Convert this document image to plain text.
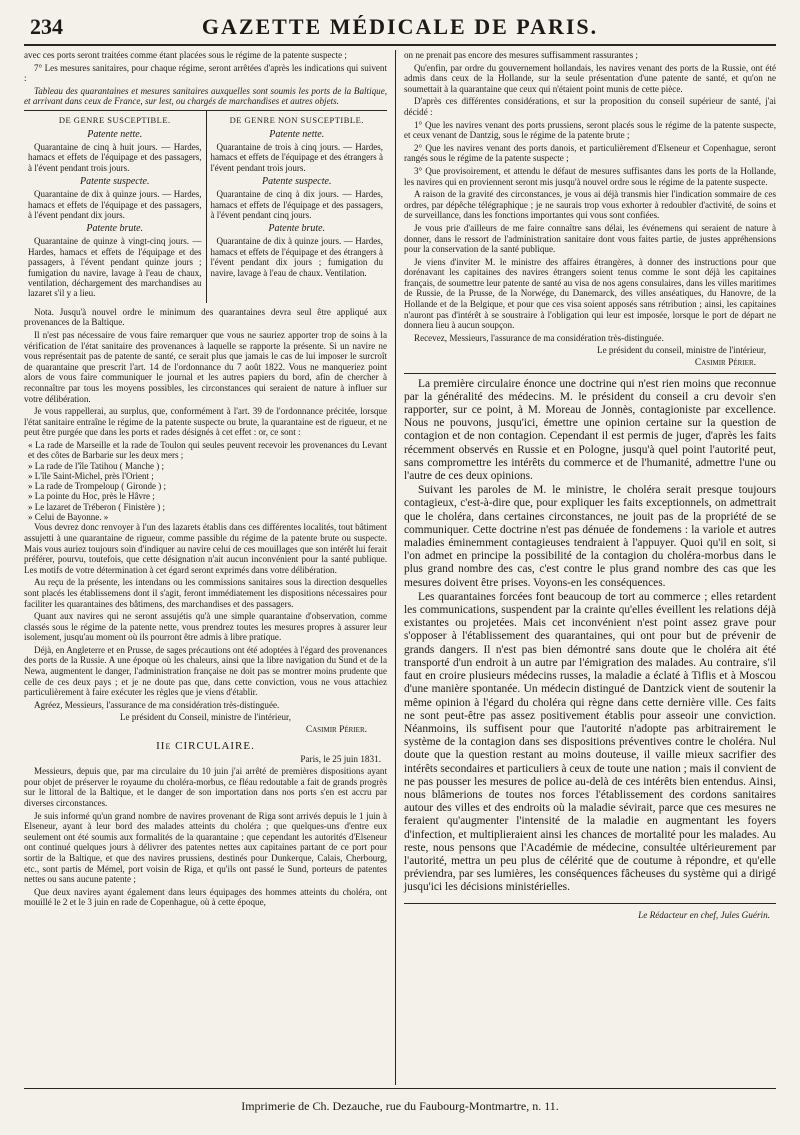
234	GAZETTE MÉDICALE DE PARIS.

avec ces ports seront traitées comme étant placées sous le régime de la patente suspecte ;

7° Les mesures sanitaires, pour chaque régime, seront arrêtées d'après les indications qui suivent :

Tableau des quarantaines et mesures sanitaires auxquelles sont soumis les ports de la Baltique, et arrivant dans ceux de France, sur lest, ou chargés de marchandises et autres objets.

DE GENRE SUSCEPTIBLE.
Patente nette.

Quarantaine de cinq à huit jours. — Hardes, hamacs et effets de l'équipage et des passagers, à l'évent pendant trois jours.

Patente suspecte.

Quarantaine de dix à quinze jours. — Hardes, hamacs et effets de l'équipage et des passagers, à l'évent pendant dix jours.

Patente brute.

Quarantaine de quinze à vingt-cinq jours. — Hardes, hamacs et effets de l'équipage et des passagers, à l'évent pendant quinze jours ; fumigation du navire, lavage à l'eau de chaux, ventilation, déchargement des marchandises au lazaret s'il y a lieu.

DE GENRE NON SUSCEPTIBLE.
Patente nette.

Quarantaine de trois à cinq jours. — Hardes, hamacs et effets de l'équipage et des étrangers à l'évent pendant trois jours.

Patente suspecte.

Quarantaine de cinq à dix jours. — Hardes, hamacs et effets de l'équipage et des passagers, à l'évent pendant cinq jours.

Patente brute.

Quarantaine de dix à quinze jours. — Hardes, hamacs et effets de l'équipage et des étrangers à l'évent pendant dix jours ; fumigation du navire, lavage à l'eau de chaux. Ventilation.

Nota. Jusqu'à nouvel ordre le minimum des quarantaines devra seul être appliqué aux provenances de la Baltique.

Il n'est pas nécessaire de vous faire remarquer que vous ne sauriez apporter trop de soins à la vérification de l'état sanitaire des provenances à laquelle se rapporte la présente. Si un navire ne vous représentait pas de patente de santé, ce serait plus que jamais le cas de lui imposer le surcroît de quarantaine que prescrit l'art. 14 de l'ordonnance du 7 août 1822. Vous ne manqueriez point alors de vous faire communiquer le journal et les autres papiers du bord, afin de chercher à reconnaître par tous les moyens possibles, les circonstances qui seraient de nature à influer sur votre délibération.

Je vous rappellerai, au surplus, que, conformément à l'art. 39 de l'ordonnance précitée, lorsque l'état sanitaire entraîne le régime de la patente suspecte ou brute, la quarantaine est de rigueur, et ne peut être purgée que dans les ports et rades désignés à cet effet : or, ce sont :

« La rade de Marseille et la rade de Toulon qui seules peuvent recevoir les provenances du Levant et des côtes de Barbarie sur les deux mers ;

» La rade de l'île Tatihou ( Manche ) ;

» L'île Saint-Michel, près l'Orient ;

» La rade de Trompeloup ( Gironde ) ;

» La pointe du Hoc, près le Hâvre ;

» Le lazaret de Tréberon ( Finistère ) ;

» Celui de Bayonne. »

Vous devrez donc renvoyer à l'un des lazarets établis dans ces différentes localités, tout bâtiment assujetti à une quarantaine de rigueur, comme passible du régime de la patente brute ou suspecte. Mais vous auriez toujours soin d'indiquer au navire celui de ces mouillages que son intérêt lui ferait préférer, pourvu, toutefois, que cette désignation n'ait aucun inconvénient pour la santé publique. Les motifs de votre détermination à cet égard seront exprimés dans votre délibération.

Au reçu de la présente, les intendans ou les commissions sanitaires sous la direction desquelles sont placés les établissemens dont il s'agit, feront immédiatement les dispositions nécessaires pour faciliter les quarantaines des bâtimens, des marchandises et des passagers.

Quant aux navires qui ne seront assujétis qu'à une simple quarantaine d'observation, comme classés sous le régime de la patente nette, vous prendrez toutes les mesures propres à assurer leur isolement, jusqu'au moment où ils pourront être admis à libre pratique.

Déjà, en Angleterre et en Prusse, de sages précautions ont été adoptées à l'égard des provenances des ports de la Russie. A une époque où les chaleurs, ainsi que la libre navigation du Sund et de la Newa, augmentent le danger, l'administration française ne doit pas se montrer moins prudente que celle de ces deux pays ; et je ne doute pas que, dans cette conviction, vous ne vous attachiez particulièrement à faire exécuter les règles que je viens d'établir.

Agréez, Messieurs, l'assurance de ma considération très-distinguée.

Le président du Conseil, ministre de l'intérieur,

Casimir Périer.

IIe CIRCULAIRE.

Paris, le 25 juin 1831.

Messieurs, depuis que, par ma circulaire du 10 juin j'ai arrêté de premières dispositions ayant pour objet de préserver le royaume du choléra-morbus, ce fléau redoutable a fait de grands progrès sur le littoral de la Baltique, et le danger de son importation dans nos ports s'en est accru par diverses circonstances.

Je suis informé qu'un grand nombre de navires provenant de Riga sont arrivés depuis le 1 juin à Elseneur, ayant à leur bord des malades atteints du choléra ; que quelques-uns d'entre eux seulement ont été soumis aux formalités de la quarantaine ; que cependant les autorités d'Elseneur ont continué quelques jours à délivrer des patentes nettes aux capitaines partant de ce port pour sortir de la Baltique, et que des navires prussiens, destinés pour Dunkerque, Calais, Cherbourg, etc., sont partis de Mémel, port voisin de Riga, et qu'ils ont passé le Sund, porteurs de patentes nettes ou sans aucune patente ;

Que deux navires ayant également dans leurs équipages des hommes atteints du choléra, ont mouillé le 2 et le 3 juin en rade de Copenhague, où à cette époque,

on ne prenait pas encore des mesures suffisamment rassurantes ;

Qu'enfin, par ordre du gouvernement hollandais, les navires venant des ports de la Russie, ont été admis dans ceux de la Hollande, sur la seule présentation d'une patente de santé, et qu'on ne soumettait à la quarantaine que ceux qui n'étaient point munis de cette pièce.

D'après ces différentes considérations, et sur la proposition du conseil supérieur de santé, j'ai décidé :

1° Que les navires venant des ports prussiens, seront placés sous le régime de la patente suspecte, et ceux venant de Dantzig, sous le régime de la patente brute ;

2° Que les navires venant des ports danois, et particulièrement d'Elseneur et Copenhague, seront rangés sous le régime de la patente suspecte ;

3° Que provisoirement, et attendu le défaut de mesures suffisantes dans les ports de la Hollande, les navires qui en proviennent seront mis jusqu'à nouvel ordre sous le régime de la patente suspecte.

A raison de la gravité des circonstances, je vous ai déjà transmis hier l'indication sommaire de ces ordres, par dépêche télégraphique ; je ne saurais trop vous exhorter à redoubler d'activité, de soins et de surveillance, dans les fonctions importantes qui vous sont confiées.

Je vous prie d'ailleurs de me faire connaître sans délai, les événemens qui seraient de nature à donner, dans le ressort de l'administration sanitaire dont vous faites partie, de justes appréhensions pour la conservation de la santé publique.

Je viens d'inviter M. le ministre des affaires étrangères, à donner des instructions pour que dorénavant les capitaines des navires étrangers soient tenus comme le sont déjà les capitaines français, de soumettre leur patente de santé au visa de nos agens consulaires, dans les villes maritimes de Russie, de la Prusse, de la Norwége, du Danemarck, des villes anséatiques, du Hanovre, de la Hollande et de la Belgique, et pour que ces visa soient apposés sans rétribution ; ainsi, les capitaines n'auront pas d'intérêt à se soustraire à l'obligation qui leur est imposée, lorsque le port de départ ne donnera lieu à aucun soupçon.

Recevez, Messieurs, l'assurance de ma considération très-distinguée.

Le président du conseil, ministre de l'intérieur,

Casimir Périer.

La première circulaire énonce une doctrine qui n'est rien moins que reconnue par la généralité des médecins. M. le président du conseil a cru devoir s'en rapporter, sur ce point, à M. Moreau de Jonnès, contagioniste par excellence. Nous ne pouvons, jusqu'ici, émettre une opinion certaine sur la question de contagion et de non contagion. Cependant il est permis de juger, d'après les faits récemment observés en Russie et en Pologne, jusqu'à quel point l'autorité peut, sans compromettre les intérêts du commerce et de l'humanité, admettre l'une ou l'autre de ces deux opinions.

Suivant les paroles de M. le ministre, le choléra serait presque toujours contagieux, c'est-à-dire que, pour expliquer les faits exceptionnels, on admettrait que le choléra, dans certaines circonstances, ne jouit pas de la propriété de se communiquer. Cette doctrine n'est pas dénuée de fondemens : la variole et autres maladies éminemment contagieuses tendraient à l'appuyer. Quoi qu'il en soit, si l'on admet en principe la possibilité de la contagion du choléra-morbus dans le plus grand nombre des cas, c'est contre le plus grand nombre des cas que les mesures doivent être prises. Voyons-en les conséquences.

Les quarantaines forcées font beaucoup de tort au commerce ; elles retardent les communications, suspendent par la crainte qu'elles éveillent les relations déjà existantes ou projetées. Mais cet inconvénient n'est point assez grave pour s'opposer à l'établissement des quarantaines, qui ont pour but de prévenir de grands dangers. Il n'est pas bien démontré sans doute que le choléra ait été transporté d'un endroit à un autre par l'émigration des malades. Au contraire, s'il faut en croire plusieurs médecins russes, la maladie a éclaté à Tiflis et à Moscou d'une manière spontanée. Un médecin distingué de Dantzick vient de soutenir la même opinion à l'égard du choléra qui règne dans cette dernière ville. Ces faits ne sont peut-être pas assez positivement établis pour asseoir une conviction. Néanmoins, ils suffisent pour que l'autorité n'adopte pas arbitrairement le système de la contagion dans ses dispositions préventives contre le choléra. Nul doute que la question restant au moins douteuse, il vaille mieux sacrifier des intérêts secondaires et particuliers à ceux de toute une nation ; mais il convient de ne pas pousser les mesures de police au-delà de ces intérêts bien entendus. Ainsi, nous blâmerions de toutes nos forces l'établissement des cordons sanitaires autour des villes et des endroits où la maladie sévirait, parce que ces mesures ne feraient qu'augmenter l'intensité de la maladie en augmentant les foyers d'infection, et multiplieraient ainsi les chances de mortalité pour les malades. Au reste, nous pensons que l'Académie de médecine, consultée ultérieurement par l'autorité, mettra un peu plus de célérité que de coutume à répondre, et qu'elle préviendra, par ses lumières, les conséquences fâcheuses du système qui a dirigé jusqu'ici les décisions ministérielles.

Le Rédacteur en chef, Jules Guérin.

Imprimerie de Ch. Dezauche, rue du Faubourg-Montmartre, n. 11.
